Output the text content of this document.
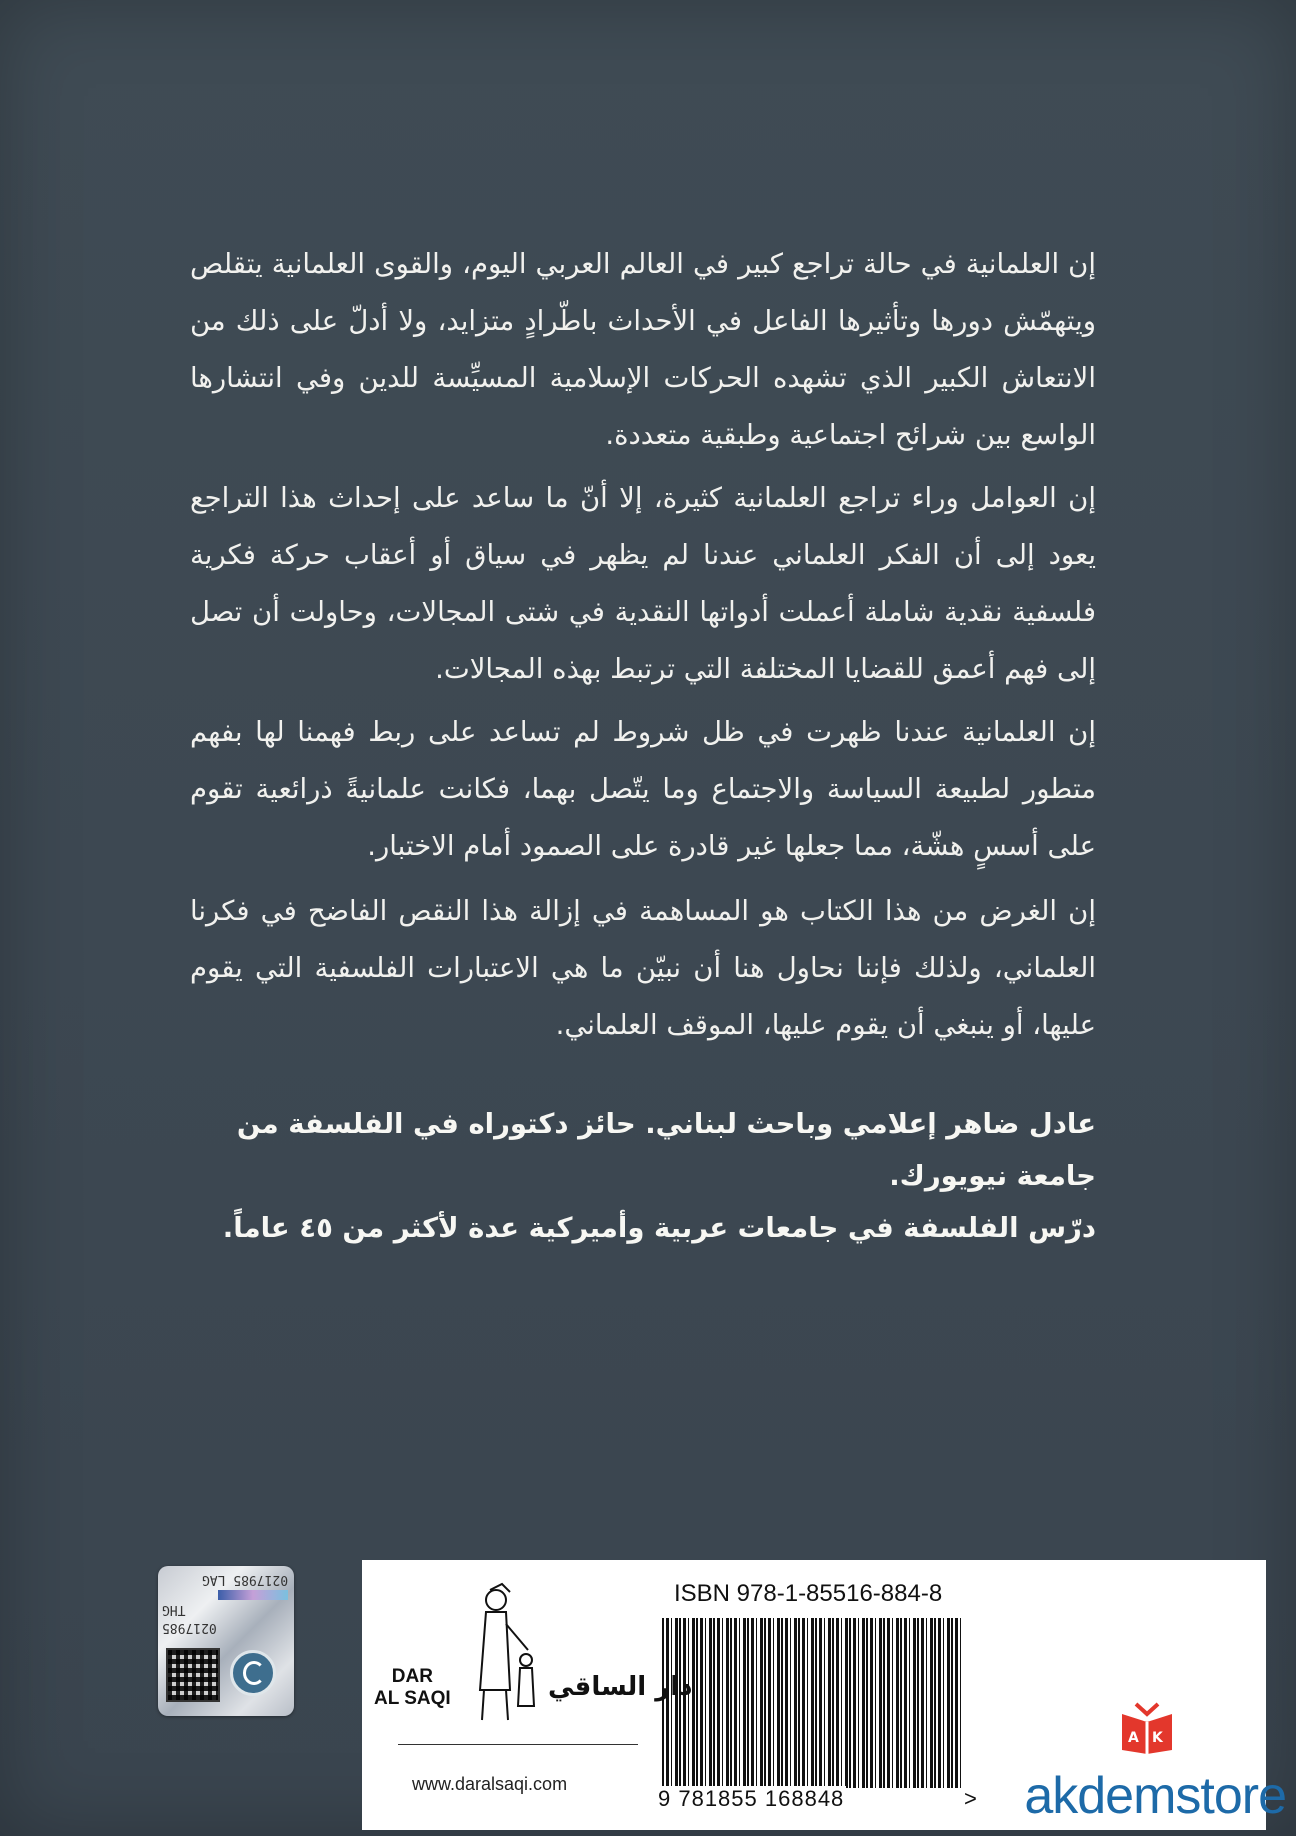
إن العلمانية في حالة تراجع كبير في العالم العربي اليوم، والقوى العلمانية يتقلص ويتهمّش دورها وتأثيرها الفاعل في الأحداث باطّرادٍ متزايد، ولا أدلّ على ذلك من الانتعاش الكبير الذي تشهده الحركات الإسلامية المسيِّسة للدين وفي انتشارها الواسع بين شرائح اجتماعية وطبقية متعددة.
إن العوامل وراء تراجع العلمانية كثيرة، إلا أنّ ما ساعد على إحداث هذا التراجع يعود إلى أن الفكر العلماني عندنا لم يظهر في سياق أو أعقاب حركة فكرية فلسفية نقدية شاملة أعملت أدواتها النقدية في شتى المجالات، وحاولت أن تصل إلى فهم أعمق للقضايا المختلفة التي ترتبط بهذه المجالات.
إن العلمانية عندنا ظهرت في ظل شروط لم تساعد على ربط فهمنا لها بفهم متطور لطبيعة السياسة والاجتماع وما يتّصل بهما، فكانت علمانيةً ذرائعية تقوم على أسسٍ هشّة، مما جعلها غير قادرة على الصمود أمام الاختبار.
إن الغرض من هذا الكتاب هو المساهمة في إزالة هذا النقص الفاضح في فكرنا العلماني، ولذلك فإننا نحاول هنا أن نبيّن ما هي الاعتبارات الفلسفية التي يقوم عليها، أو ينبغي أن يقوم عليها، الموقف العلماني.
عادل ضاهر إعلامي وباحث لبناني. حائز دكتوراه في الفلسفة من جامعة نيويورك.
درّس الفلسفة في جامعات عربية وأميركية عدة لأكثر من ٤٥ عاماً.
0217985 LAG
THG
0217985
ISBN 978-1-85516-884-8
9 781855 168848	>
DAR
AL SAQI	دار الساقي
www.daralsaqi.com
A K
akdemstore
